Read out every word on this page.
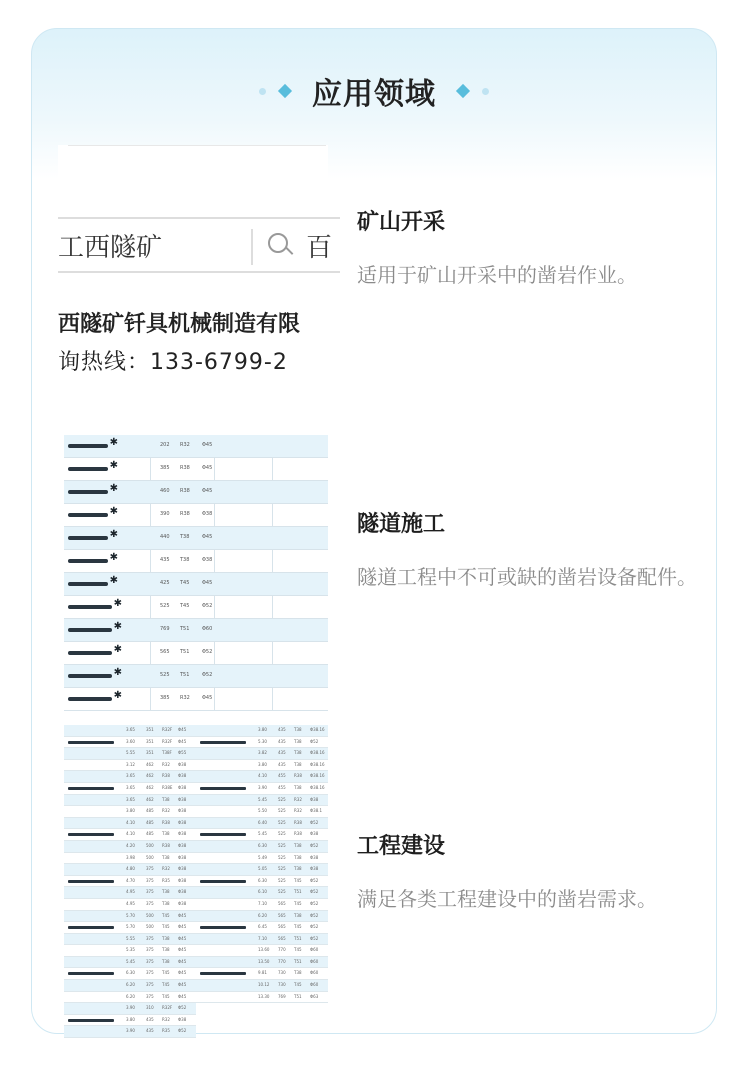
应用领域
工西隧矿	百
西隧矿钎具机械制造有限
询热线：133-6799-2
矿山开采

适用于矿山开采中的凿岩作业。

✱
202 R32 Φ45
✱
385 R38 Φ45
✱
460 R38 Φ45
✱
390 R38 Φ38
✱
440 T38	Φ45
✱
435 T38	Φ38
✱
425 T45	Φ45
✱
525 T45	Φ52
✱
769 T51	Φ60
✱
565 T51	Φ52
✱
525 T51	Φ52
✱
385 R32 Φ45
隧道施工

隧道工程中不可或缺的凿岩设备配件。

3.65	351 R32F Φ45
3.60	351 R32F Φ45
5.55	351 T38F Φ55
3.12	462 R32 Φ38
3.65	462 R38 Φ38
3.65	462 R38E Φ38
3.65	462 T38 Φ38
3.80	485 R32 Φ38
4.10	485 R38 Φ38
4.10	485 T38 Φ38
4.20	500 R38 Φ38
3.98	500 T38 Φ38
4.80	375 R32 Φ38
4.70	375 R35 Φ38
4.95	375 T38 Φ38
4.95	375 T38 Φ38
5.70	500 T45 Φ45
5.70	500 T45 Φ45
5.55	375 T38 Φ45
5.35	375 T38 Φ45
5.45	375 T38 Φ45
6.30	375 T45 Φ45
6.20	375 T45 Φ45
6.20	375 T45 Φ45
3.90	310 R32F Φ52
3.80	435 R32 Φ38
3.90	435 R35 Φ52
3.80	435 T38 Φ38.16
5.30	435 T38 Φ52
3.82	435 T38 Φ38.16
3.80	435 T38 Φ38.16
4.10	455 R38 Φ38.16
3.90	455 T38 Φ38.16
5.45	525 R32 Φ38
5.50	525 R32 Φ38.1
6.40	525 R38 Φ52
5.45	525 R38 Φ38
6.30	525 T38 Φ52
5.49	525 T38 Φ38
5.05	525 T38 Φ38
6.30	525 T45 Φ52
6.10	525 T51 Φ52
7.10	565 T45 Φ52
6.20	565 T38 Φ52
6.45	565 T45 Φ52
7.10	565 T51 Φ52
13.60 770 T45 Φ60
13.50 770 T51 Φ60
9.81	730 T38 Φ60
10.12 730 T45 Φ60
13.30 769 T51 Φ63
工程建设

满足各类工程建设中的凿岩需求。
